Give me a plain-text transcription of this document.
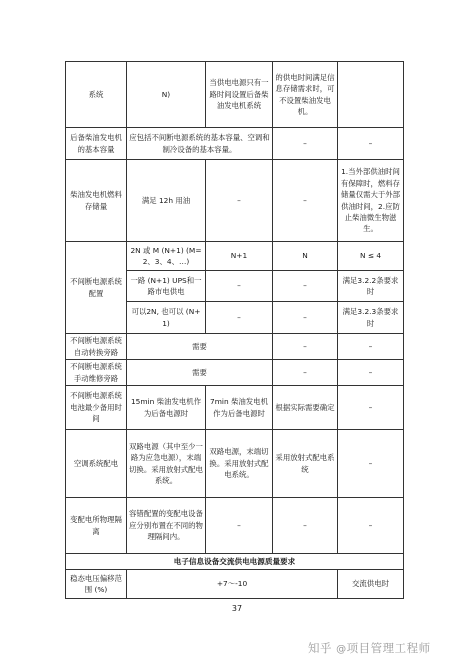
系统	N)	当供电电源只有一路时间设置后备柴油发电机系统	的供电时间满足信息存储需求时，可不设置柴油发电机。	
后备柴油发电机的基本容量	应包括不间断电源系统的基本容量、空调和制冷设备的基本容量。		–	–
柴油发电机燃料存储量	满足 12h 用油	–	–	1.当外部供油时间有保障时，燃料存储量仅需大于外部供油时间，2.应防止柴油微生物滋生。
不间断电源系统配置	2N 或 M (N+1) (M=2、3、4、…)	N+1	N	N ≤ 4
	一路 (N+1) UPS和一路市电供电	–	–	满足3.2.2条要求时
	可以2N, 也可以 (N+1)	–	–	满足3.2.3条要求时
不间断电源系统自动转换旁路	需要		–	–
不间断电源系统手动维修旁路	需要		–	–
不间断电源系统电池最少备用时间	15min 柴油发电机作为后备电源时	7min 柴油发电机作为后备电源时	根据实际需要确定	–
空调系统配电	双路电源（其中至少一路为应急电源），末端切换。采用放射式配电系统。	双路电源，末端切换。采用放射式配电系统。	采用放射式配电系统	–
变配电所物理隔离	容错配置的变配电设备应分别布置在不同的物理隔间内。	–	–	–
电子信息设备交流供电电源质量要求				
稳态电压偏移范围 (%)	+7～-10			交流供电时
37
知乎 @项目管理工程师
